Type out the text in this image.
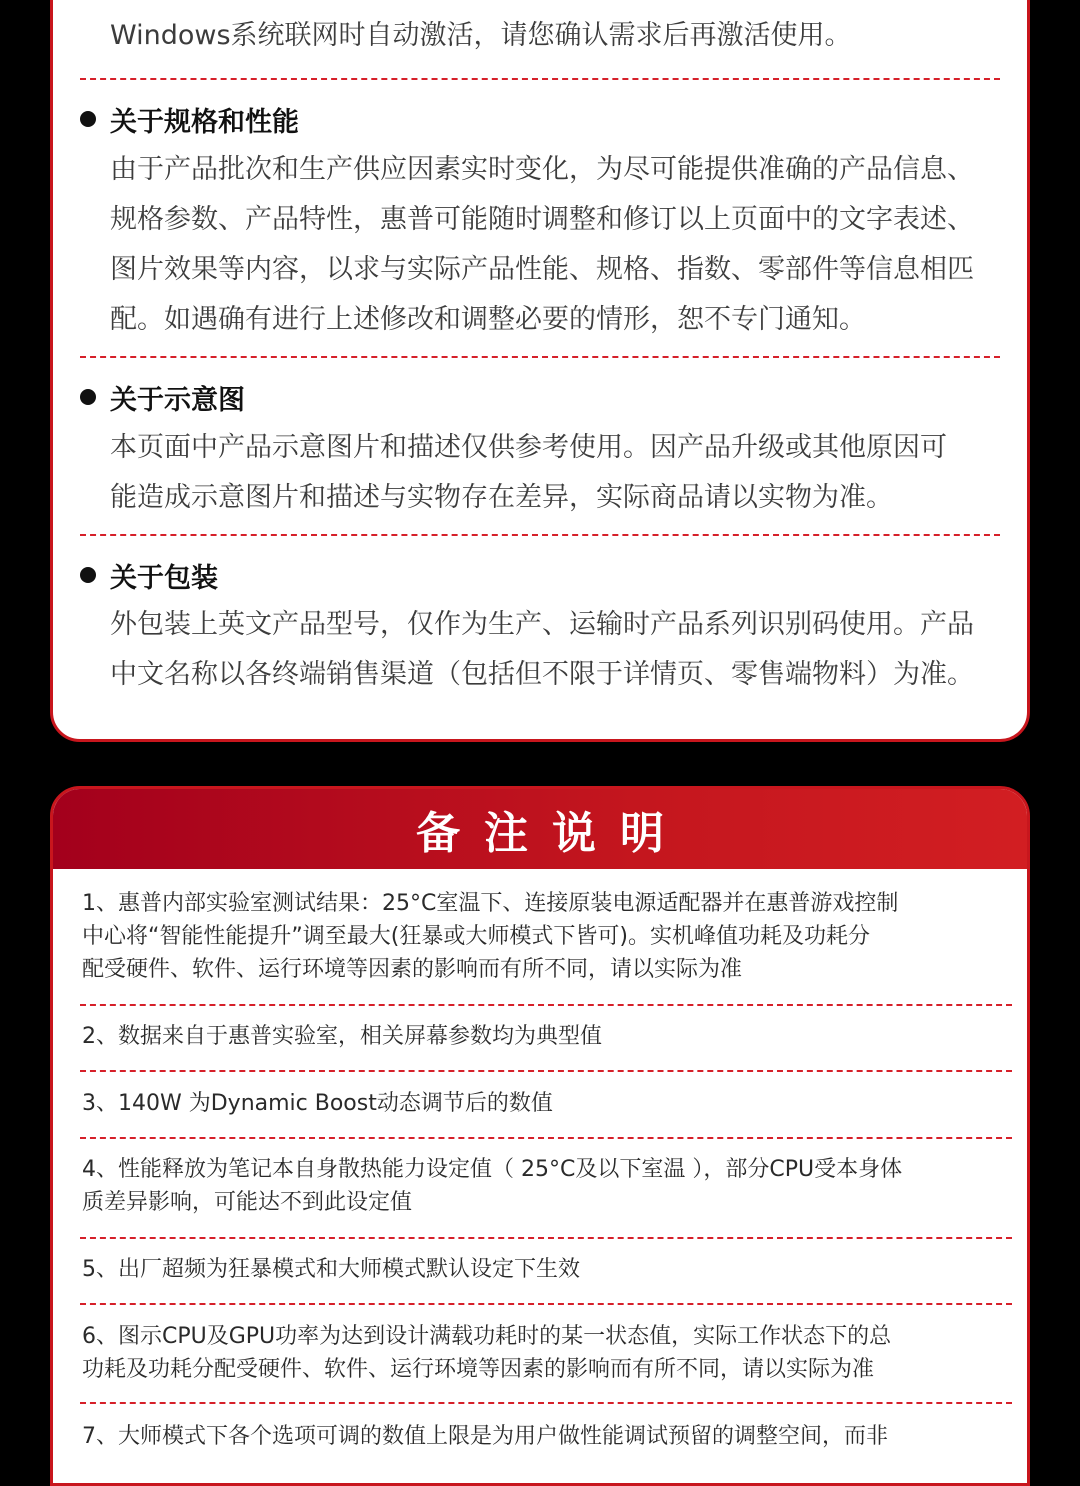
Windows系统联网时自动激活，请您确认需求后再激活使用。
关于规格和性能
由于产品批次和生产供应因素实时变化，为尽可能提供准确的产品信息、
规格参数、产品特性，惠普可能随时调整和修订以上页面中的文字表述、
图片效果等内容，以求与实际产品性能、规格、指数、零部件等信息相匹
配。如遇确有进行上述修改和调整必要的情形，恕不专门通知。
关于示意图
本页面中产品示意图片和描述仅供参考使用。因产品升级或其他原因可
能造成示意图片和描述与实物存在差异，实际商品请以实物为准。
关于包装
外包装上英文产品型号，仅作为生产、运输时产品系列识别码使用。产品
中文名称以各终端销售渠道（包括但不限于详情页、零售端物料）为准。
备注说明
1、惠普内部实验室测试结果：25°C室温下、连接原装电源适配器并在惠普游戏控制
中心将“智能性能提升”调至最大(狂暴或大师模式下皆可)。实机峰值功耗及功耗分
配受硬件、软件、运行环境等因素的影响而有所不同，请以实际为准
2、数据来自于惠普实验室，相关屏幕参数均为典型值
3、140W 为Dynamic Boost动态调节后的数值
4、性能释放为笔记本自身散热能力设定值（ 25°C及以下室温 ），部分CPU受本身体
质差异影响，可能达不到此设定值
5、出厂超频为狂暴模式和大师模式默认设定下生效
6、图示CPU及GPU功率为达到设计满载功耗时的某一状态值，实际工作状态下的总
功耗及功耗分配受硬件、软件、运行环境等因素的影响而有所不同，请以实际为准
7、大师模式下各个选项可调的数值上限是为用户做性能调试预留的调整空间，而非
